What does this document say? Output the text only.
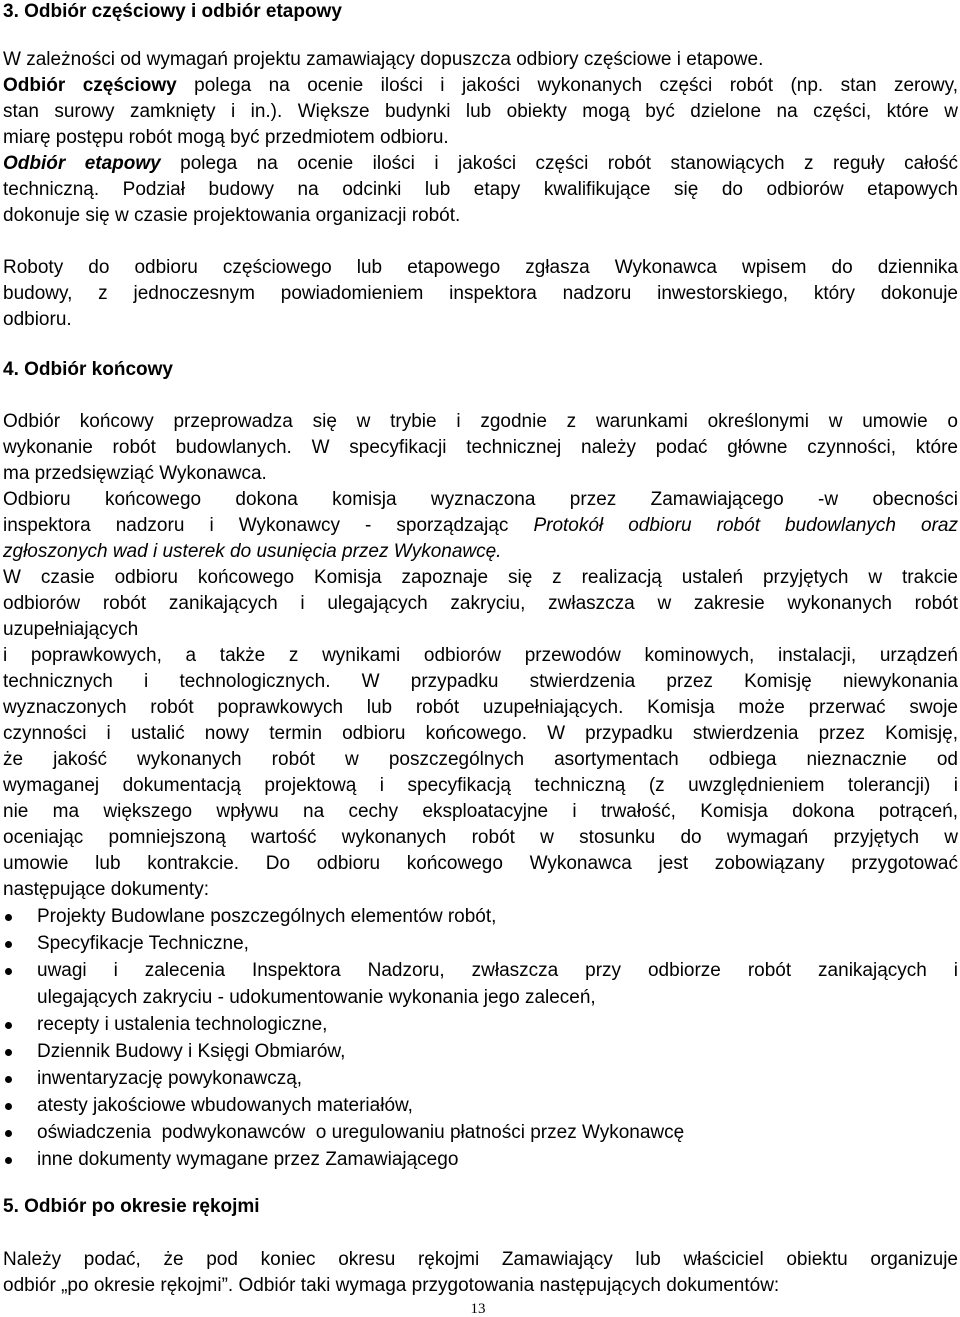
3. Odbiór częściowy i odbiór etapowy

W zależności od wymagań projektu zamawiający dopuszcza odbiory częściowe i etapowe.

Odbiór częściowy polega na ocenie ilości i jakości wykonanych części robót (np. stan zerowy,

stan surowy zamknięty i in.). Większe budynki lub obiekty mogą być dzielone na części, które w

miarę postępu robót mogą być przedmiotem odbioru.

Odbiór etapowy polega na ocenie ilości i jakości części robót stanowiących z reguły całość

techniczną. Podział budowy na odcinki lub etapy kwalifikujące się do odbiorów etapowych

dokonuje się w czasie projektowania organizacji robót.

Roboty do odbioru częściowego lub etapowego zgłasza Wykonawca wpisem do dziennika

budowy, z jednoczesnym powiadomieniem inspektora nadzoru inwestorskiego, który dokonuje

odbioru.

4. Odbiór końcowy

Odbiór końcowy przeprowadza się w trybie i zgodnie z warunkami określonymi w umowie o

wykonanie robót budowlanych. W specyfikacji technicznej należy podać główne czynności, które

ma przedsięwziąć Wykonawca.

Odbioru końcowego dokona komisja wyznaczona przez Zamawiającego -w obecności

inspektora nadzoru i Wykonawcy - sporządzając Protokół odbioru robót budowlanych oraz

zgłoszonych wad i usterek do usunięcia przez Wykonawcę.

W czasie odbioru końcowego Komisja zapoznaje się z realizacją ustaleń przyjętych w trakcie

odbiorów robót zanikających i ulegających zakryciu, zwłaszcza w zakresie wykonanych robót

uzupełniających

i poprawkowych, a także z wynikami odbiorów przewodów kominowych, instalacji, urządzeń

technicznych i technologicznych. W przypadku stwierdzenia przez Komisję niewykonania

wyznaczonych robót poprawkowych lub robót uzupełniających. Komisja może przerwać swoje

czynności i ustalić nowy termin odbioru końcowego. W przypadku stwierdzenia przez Komisję,

że jakość wykonanych robót w poszczególnych asortymentach odbiega nieznacznie od

wymaganej dokumentacją projektową i specyfikacją techniczną (z uwzględnieniem tolerancji) i

nie ma większego wpływu na cechy eksploatacyjne i trwałość, Komisja dokona potrąceń,

oceniając pomniejszoną wartość wykonanych robót w stosunku do wymagań przyjętych w

umowie lub kontrakcie. Do odbioru końcowego Wykonawca jest zobowiązany przygotować

następujące dokumenty:

Projekty Budowlane poszczególnych elementów robót,
Specyfikacje Techniczne,
uwagi i zalecenia Inspektora Nadzoru, zwłaszcza przy odbiorze robót zanikających i
ulegających zakryciu - udokumentowanie wykonania jego zaleceń,
recepty i ustalenia technologiczne,
Dziennik Budowy i Księgi Obmiarów,
inwentaryzację powykonawczą,
atesty jakościowe wbudowanych materiałów,
oświadczenia  podwykonawców  o uregulowaniu płatności przez Wykonawcę
inne dokumenty wymagane przez Zamawiającego
5. Odbiór po okresie rękojmi

Należy podać, że pod koniec okresu rękojmi Zamawiający lub właściciel obiektu organizuje

odbiór „po okresie rękojmi”. Odbiór taki wymaga przygotowania następujących dokumentów:

13
